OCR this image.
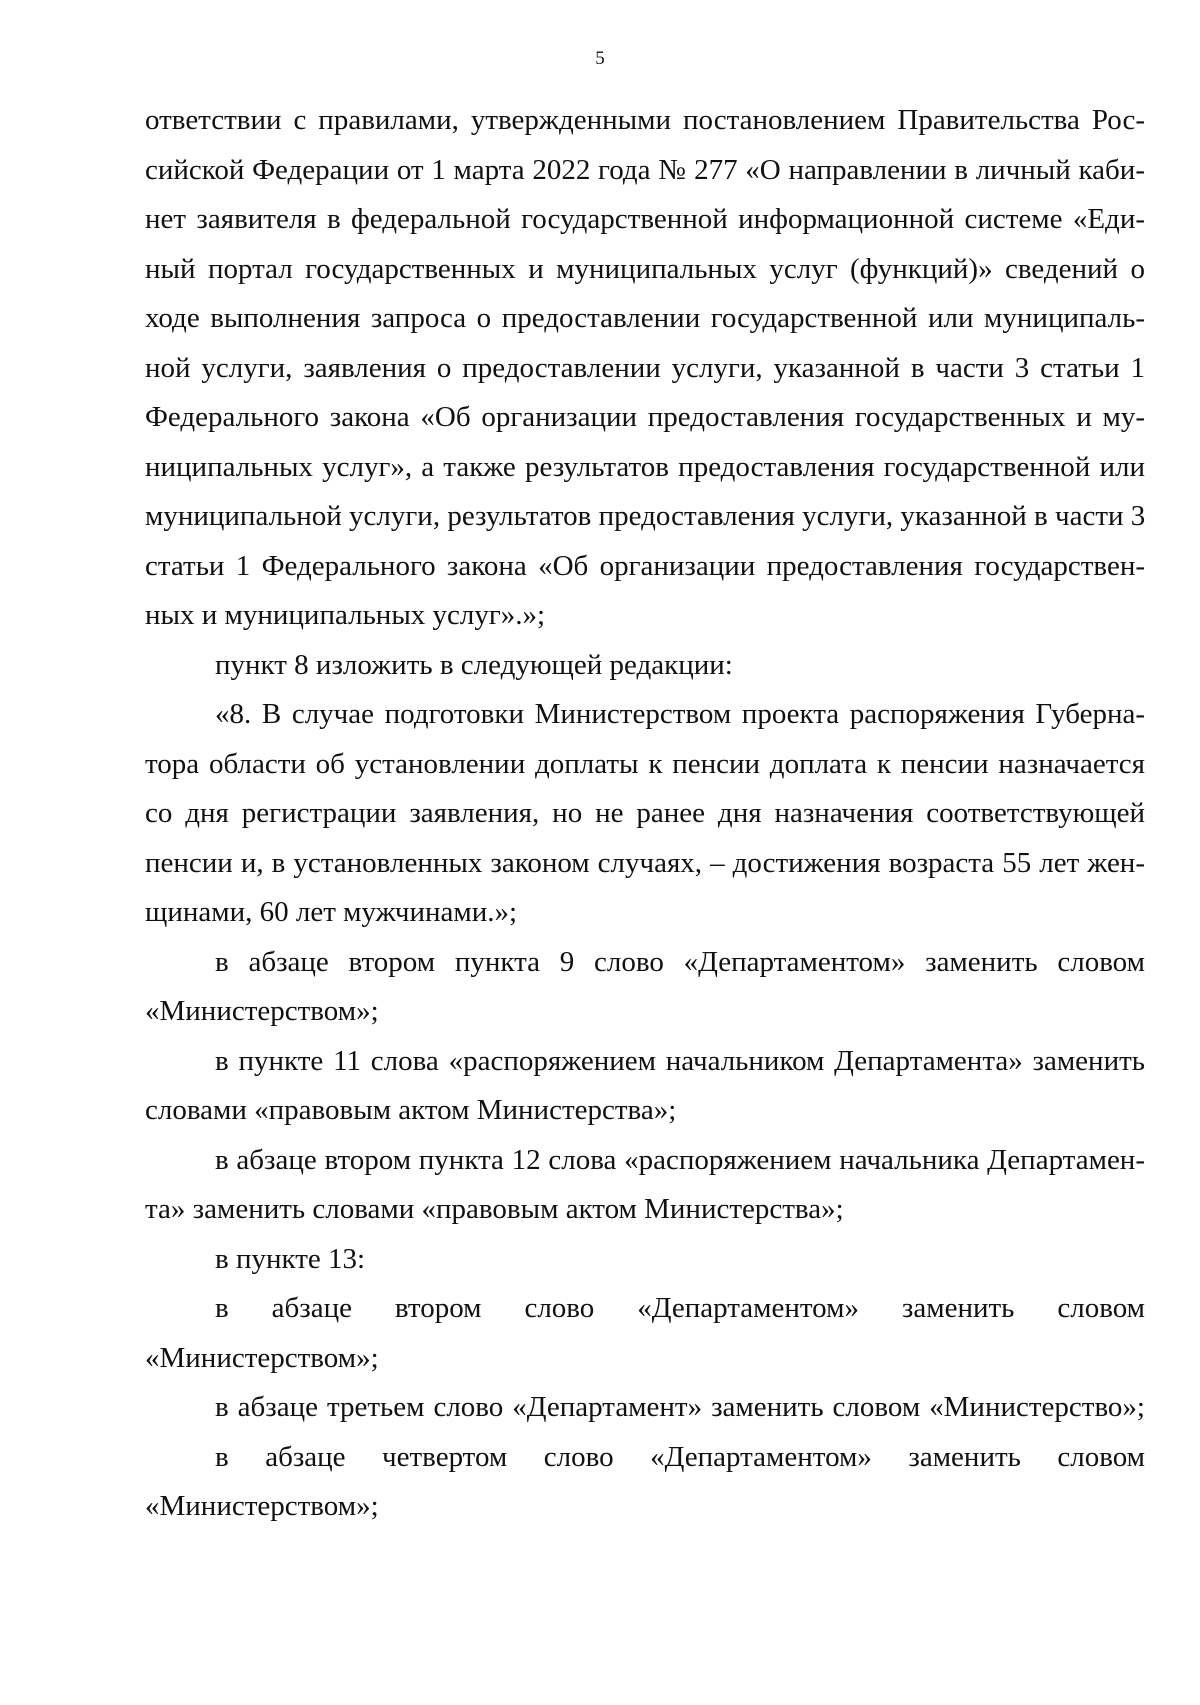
5
ответствии с правилами, утвержденными постановлением Правительства Рос-
сийской Федерации от 1 марта 2022 года № 277 «О направлении в личный каби-
нет заявителя в федеральной государственной информационной системе «Еди-
ный портал государственных и муниципальных услуг (функций)» сведений о
ходе выполнения запроса о предоставлении государственной или муниципаль-
ной услуги, заявления о предоставлении услуги, указанной в части 3 статьи 1
Федерального закона «Об организации предоставления государственных и му-
ниципальных услуг», а также результатов предоставления государственной или
муниципальной услуги, результатов предоставления услуги, указанной в части 3
статьи 1 Федерального закона «Об организации предоставления государствен-
ных и муниципальных услуг».»;
пункт 8 изложить в следующей редакции:
«8. В случае подготовки Министерством проекта распоряжения Губерна-
тора области об установлении доплаты к пенсии доплата к пенсии назначается
со дня регистрации заявления, но не ранее дня назначения соответствующей
пенсии и, в установленных законом случаях, – достижения возраста 55 лет жен-
щинами, 60 лет мужчинами.»;
в абзаце втором пункта 9 слово «Департаментом» заменить словом
«Министерством»;
в пункте 11 слова «распоряжением начальником Департамента» заменить
словами «правовым актом Министерства»;
в абзаце втором пункта 12 слова «распоряжением начальника Департамен-
та» заменить словами «правовым актом Министерства»;
в пункте 13:
в абзаце втором слово «Департаментом» заменить словом
«Министерством»;
в абзаце третьем слово «Департамент» заменить словом «Министерство»;
в абзаце четвертом слово «Департаментом» заменить словом
«Министерством»;
